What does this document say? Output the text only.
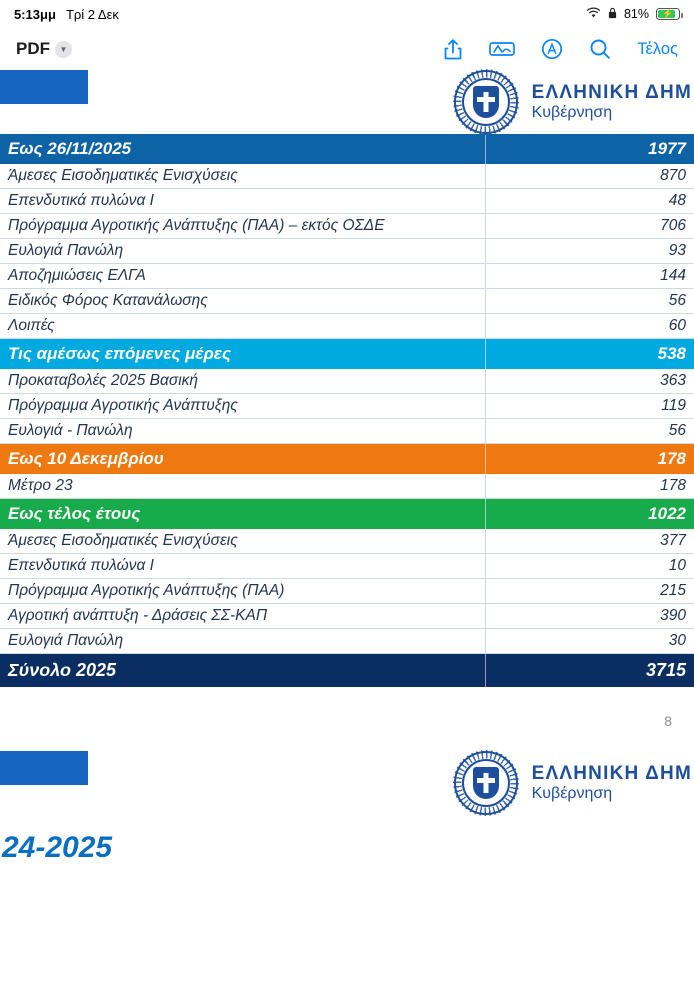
5:13μμ Τρί 2 Δεκ	81% ⚡
PDF	▼	Τέλος
ΕΛΛΗΝΙΚΗ ΔΗΜ
Κυβέρνηση
Εως 26/11/2025	1977
Άμεσες Εισοδηματικές Ενισχύσεις	870
Επενδυτικά πυλώνα Ι	48
Πρόγραμμα Αγροτικής Ανάπτυξης (ΠΑΑ) – εκτός ΟΣΔΕ	706
Ευλογιά Πανώλη	93
Αποζημιώσεις ΕΛΓΑ	144
Ειδικός Φόρος Κατανάλωσης	56
Λοιπές	60
Τις αμέσως επόμενες μέρες	538
Προκαταβολές 2025 Βασική	363
Πρόγραμμα Αγροτικής Ανάπτυξης	119
Ευλογιά - Πανώλη	56
Εως 10 Δεκεμβρίου	178
Μέτρο 23	178
Εως τέλος έτους	1022
Άμεσες Εισοδηματικές Ενισχύσεις	377
Επενδυτικά πυλώνα Ι	10
Πρόγραμμα Αγροτικής Ανάπτυξης (ΠΑΑ)	215
Αγροτική ανάπτυξη - Δράσεις ΣΣ-ΚΑΠ	390
Ευλογιά Πανώλη	30
Σύνολο 2025	3715
8
ΕΛΛΗΝΙΚΗ ΔΗΜ
Κυβέρνηση
24-2025
